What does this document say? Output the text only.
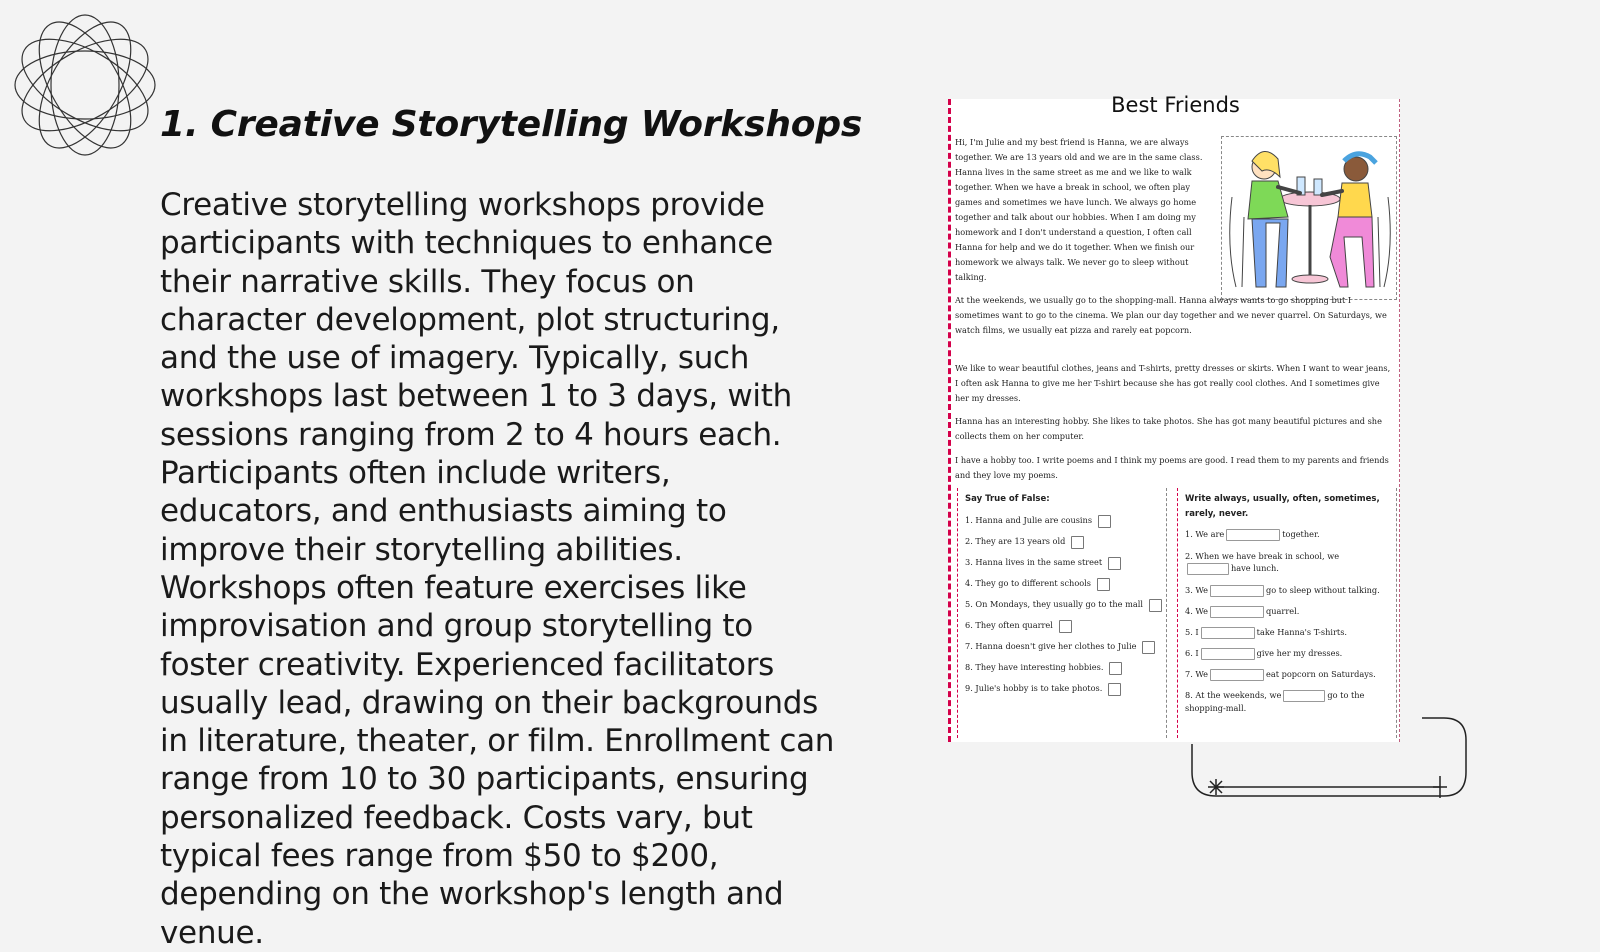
1. Creative Storytelling Workshops

Creative storytelling workshops provide participants with techniques to enhance their narrative skills. They focus on character development, plot structuring, and the use of imagery. Typically, such workshops last between 1 to 3 days, with sessions ranging from 2 to 4 hours each. Participants often include writers, educators, and enthusiasts aiming to improve their storytelling abilities. Workshops often feature exercises like improvisation and group storytelling to foster creativity. Experienced facilitators usually lead, drawing on their backgrounds in literature, theater, or film. Enrollment can range from 10 to 30 participants, ensuring personalized feedback. Costs vary, but typical fees range from $50 to $200, depending on the workshop's length and venue.

Best Friends
Hi, I'm Julie and my best friend is Hanna, we are always together. We are 13 years old and we are in the same class. Hanna lives in the same street as me and we like to walk together. When we have a break in school, we often play games and sometimes we have lunch. We always go home together and talk about our hobbies. When I am doing my homework and I don't understand a question, I often call Hanna for help and we do it together. When we finish our homework we always talk. We never go to sleep without talking.
At the weekends, we usually go to the shopping-mall. Hanna always wants to go shopping but I sometimes want to go to the cinema. We plan our day together and we never quarrel. On Saturdays, we watch films, we usually eat pizza and rarely eat popcorn.
We like to wear beautiful clothes, jeans and T-shirts, pretty dresses or skirts. When I want to wear jeans, I often ask Hanna to give me her T-shirt because she has got really cool clothes. And I sometimes give her my dresses.
Hanna has an interesting hobby. She likes to take photos. She has got many beautiful pictures and she collects them on her computer.
I have a hobby too. I write poems and I think my poems are good. I read them to my parents and friends and they love my poems.
Say True of False:
1. Hanna and Julie are cousins
2. They are 13 years old
3. Hanna lives in the same street
4. They go to different schools
5. On Mondays, they usually go to the mall
6. They often quarrel
7. Hanna doesn't give her clothes to Julie
8. They have interesting hobbies.
9. Julie's hobby is to take photos.
Write always, usually, often, sometimes, rarely, never.
1. We are	together.
2. When we have break in school, we
have lunch.
3. We	go to sleep without talking.
4. We	quarrel.
5. I	take Hanna's T-shirts.
6. I	give her my dresses.
7. We	eat popcorn on Saturdays.
8. At the weekends, we	go to the shopping-mall.
